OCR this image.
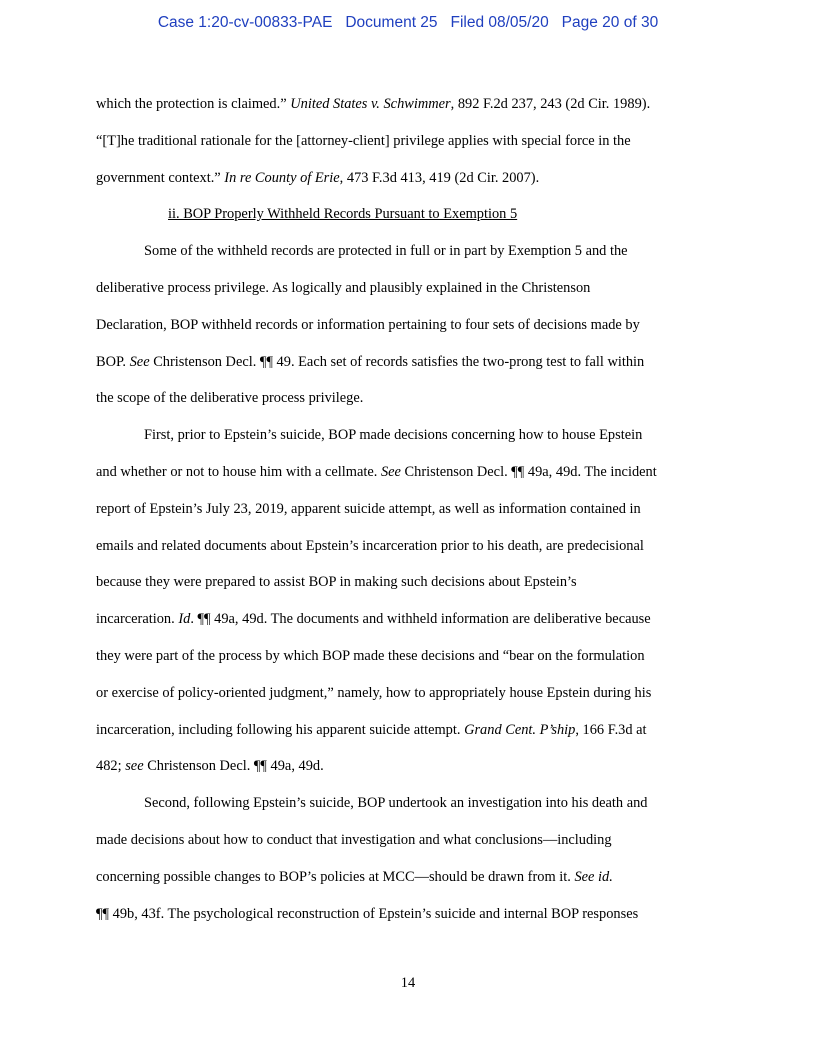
Case 1:20-cv-00833-PAE Document 25 Filed 08/05/20 Page 20 of 30
which the protection is claimed.” United States v. Schwimmer, 892 F.2d 237, 243 (2d Cir. 1989).
“[T]he traditional rationale for the [attorney-client] privilege applies with special force in the
government context.” In re County of Erie, 473 F.3d 413, 419 (2d Cir. 2007).
ii. BOP Properly Withheld Records Pursuant to Exemption 5
Some of the withheld records are protected in full or in part by Exemption 5 and the
deliberative process privilege. As logically and plausibly explained in the Christenson
Declaration, BOP withheld records or information pertaining to four sets of decisions made by
BOP. See Christenson Decl. ¶¶ 49. Each set of records satisfies the two-prong test to fall within
the scope of the deliberative process privilege.
First, prior to Epstein’s suicide, BOP made decisions concerning how to house Epstein
and whether or not to house him with a cellmate. See Christenson Decl. ¶¶ 49a, 49d. The incident
report of Epstein’s July 23, 2019, apparent suicide attempt, as well as information contained in
emails and related documents about Epstein’s incarceration prior to his death, are predecisional
because they were prepared to assist BOP in making such decisions about Epstein’s
incarceration. Id. ¶¶ 49a, 49d. The documents and withheld information are deliberative because
they were part of the process by which BOP made these decisions and “bear on the formulation
or exercise of policy-oriented judgment,” namely, how to appropriately house Epstein during his
incarceration, including following his apparent suicide attempt. Grand Cent. P’ship, 166 F.3d at
482; see Christenson Decl. ¶¶ 49a, 49d.
Second, following Epstein’s suicide, BOP undertook an investigation into his death and
made decisions about how to conduct that investigation and what conclusions—including
concerning possible changes to BOP’s policies at MCC—should be drawn from it. See id.
¶¶ 49b, 43f. The psychological reconstruction of Epstein’s suicide and internal BOP responses
14
